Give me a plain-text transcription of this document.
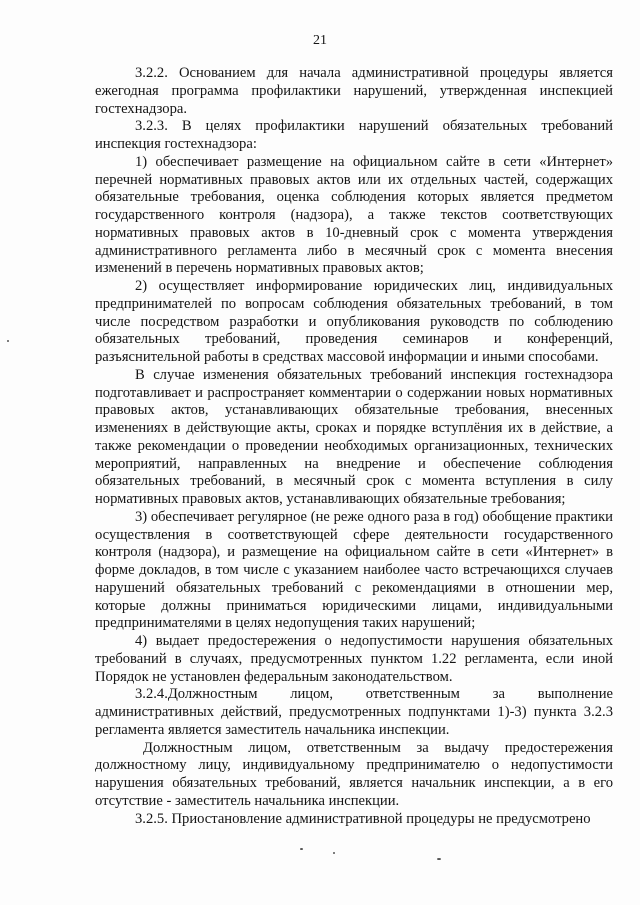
21

3.2.2. Основанием для начала административной процедуры является ежегодная программа профилактики нарушений, утвержденная инспекцией гостехнадзора.

3.2.3. В целях профилактики нарушений обязательных требований инспекция гостехнадзора:

1) обеспечивает размещение на официальном сайте в сети «Интернет» перечней нормативных правовых актов или их отдельных частей, содержащих обязательные требования, оценка соблюдения которых является предметом государственного контроля (надзора), а также текстов соответствующих нормативных правовых актов в 10-дневный срок с момента утверждения административного регламента либо в месячный срок с момента внесения изменений в перечень нормативных правовых актов;

2) осуществляет информирование юридических лиц, индивидуальных предпринимателей по вопросам соблюдения обязательных требований, в том числе посредством разработки и опубликования руководств по соблюдению обязательных требований, проведения семинаров и конференций, разъяснительной работы в средствах массовой информации и иными способами.

В случае изменения обязательных требований инспекция гостехнадзора подготавливает и распространяет комментарии о содержании новых нормативных правовых актов, устанавливающих обязательные требования, внесенных изменениях в действующие акты, сроках и порядке вступлёния их в действие, а также рекомендации о проведении необходимых организационных, технических мероприятий, направленных на внедрение и обеспечение соблюдения обязательных требований, в месячный срок с момента вступления в силу нормативных правовых актов, устанавливающих обязательные требования;

3) обеспечивает регулярное (не реже одного раза в год) обобщение практики осуществления в соответствующей сфере деятельности государственного контроля (надзора), и размещение на официальном сайте в сети «Интернет» в форме докладов, в том числе с указанием наиболее часто встречающихся случаев нарушений обязательных требований с рекомендациями в отношении мер, которые должны приниматься юридическими лицами, индивидуальными предпринимателями в целях недопущения таких нарушений;

4) выдает предостережения о недопустимости нарушения обязательных требований в случаях, предусмотренных пунктом 1.22 регламента, если иной Порядок не установлен федеральным законодательством.

3.2.4.Должностным лицом, ответственным за выполнение административных действий, предусмотренных подпунктами 1)-3) пункта 3.2.3 регламента является заместитель начальника инспекции.

Должностным лицом, ответственным за выдачу предостережения должностному лицу, индивидуальному предпринимателю о недопустимости нарушения обязательных требований, является начальник инспекции, а в его отсутствие - заместитель начальника инспекции.

3.2.5. Приостановление административной процедуры не предусмотрено
